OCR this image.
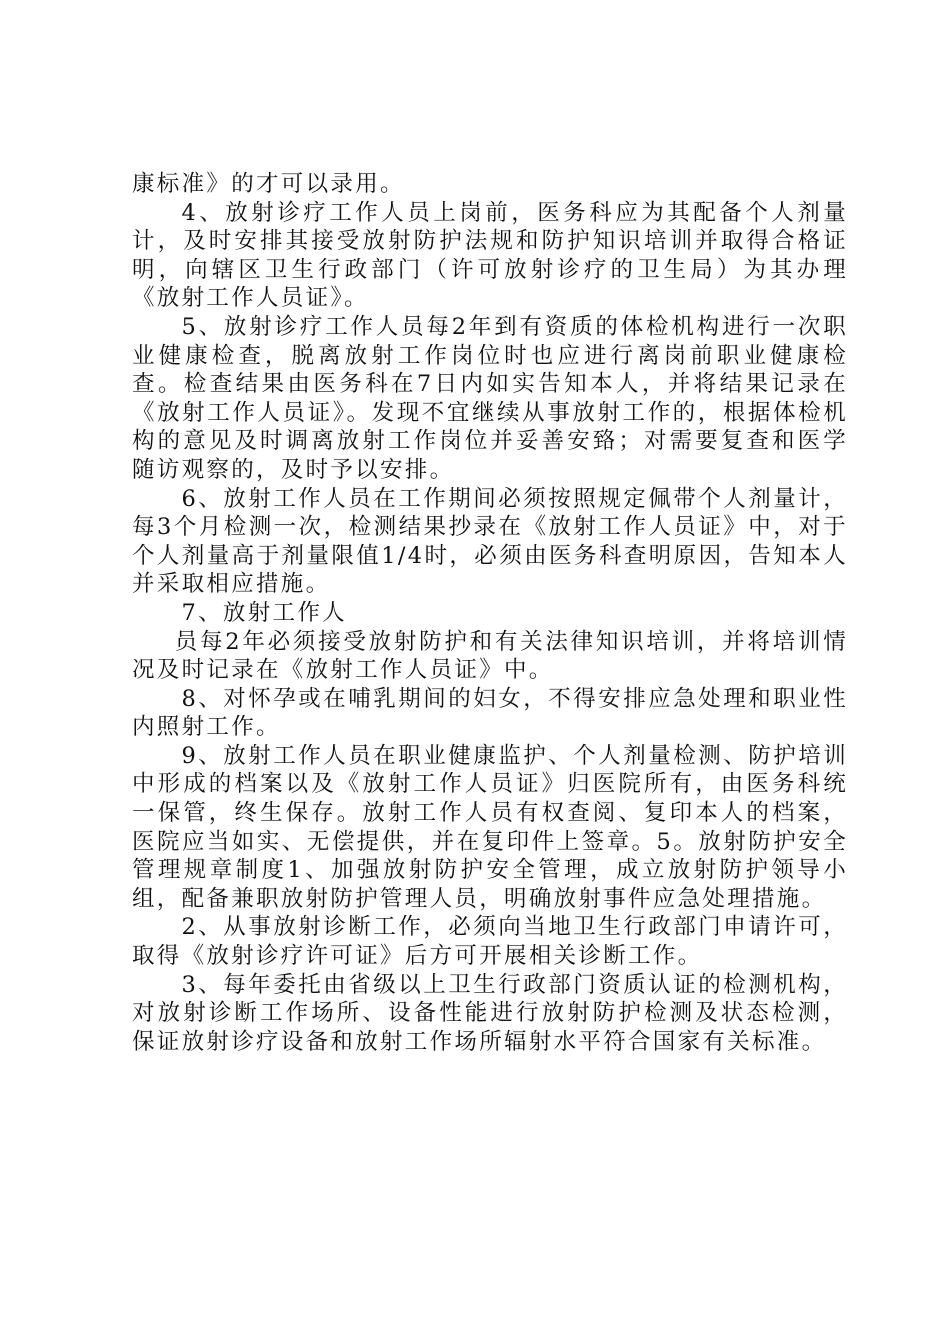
康标准》的才可以录用。

4、放射诊疗工作人员上岗前，医务科应为其配备个人剂量计，及时安排其接受放射防护法规和防护知识培训并取得合格证明，向辖区卫生行政部门（许可放射诊疗的卫生局）为其办理《放射工作人员证》。

5、放射诊疗工作人员每2年到有资质的体检机构进行一次职业健康检查，脱离放射工作岗位时也应进行离岗前职业健康检查。检查结果由医务科在7日内如实告知本人，并将结果记录在《放射工作人员证》。发现不宜继续从事放射工作的，根据体检机构的意见及时调离放射工作岗位并妥善安臵；对需要复查和医学随访观察的，及时予以安排。

6、放射工作人员在工作期间必须按照规定佩带个人剂量计，每3个月检测一次，检测结果抄录在《放射工作人员证》中，对于个人剂量高于剂量限值1/4时，必须由医务科查明原因，告知本人并采取相应措施。

7、放射工作人

员每2年必须接受放射防护和有关法律知识培训，并将培训情况及时记录在《放射工作人员证》中。

8、对怀孕或在哺乳期间的妇女，不得安排应急处理和职业性内照射工作。

9、放射工作人员在职业健康监护、个人剂量检测、防护培训中形成的档案以及《放射工作人员证》归医院所有，由医务科统一保管，终生保存。放射工作人员有权查阅、复印本人的档案，医院应当如实、无偿提供，并在复印件上签章。5。放射防护安全管理规章制度1、加强放射防护安全管理，成立放射防护领导小组，配备兼职放射防护管理人员，明确放射事件应急处理措施。

2、从事放射诊断工作，必须向当地卫生行政部门申请许可，取得《放射诊疗许可证》后方可开展相关诊断工作。

3、每年委托由省级以上卫生行政部门资质认证的检测机构，对放射诊断工作场所、设备性能进行放射防护检测及状态检测，保证放射诊疗设备和放射工作场所辐射水平符合国家有关标准。
